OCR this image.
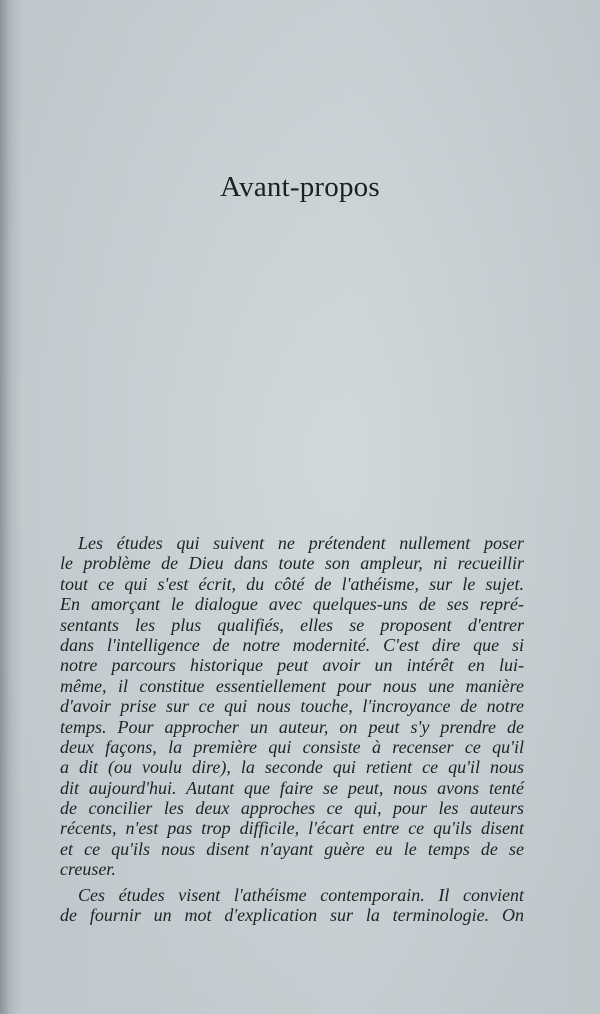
Avant-propos
Les études qui suivent ne prétendent nullement poser
le problème de Dieu dans toute son ampleur, ni recueillir
tout ce qui s'est écrit, du côté de l'athéisme, sur le sujet.
En amorçant le dialogue avec quelques-uns de ses repré-
sentants les plus qualifiés, elles se proposent d'entrer
dans l'intelligence de notre modernité. C'est dire que si
notre parcours historique peut avoir un intérêt en lui-
même, il constitue essentiellement pour nous une manière
d'avoir prise sur ce qui nous touche, l'incroyance de notre
temps. Pour approcher un auteur, on peut s'y prendre de
deux façons, la première qui consiste à recenser ce qu'il
a dit (ou voulu dire), la seconde qui retient ce qu'il nous
dit aujourd'hui. Autant que faire se peut, nous avons tenté
de concilier les deux approches ce qui, pour les auteurs
récents, n'est pas trop difficile, l'écart entre ce qu'ils disent
et ce qu'ils nous disent n'ayant guère eu le temps de se
creuser.
Ces études visent l'athéisme contemporain. Il convient
de fournir un mot d'explication sur la terminologie. On
